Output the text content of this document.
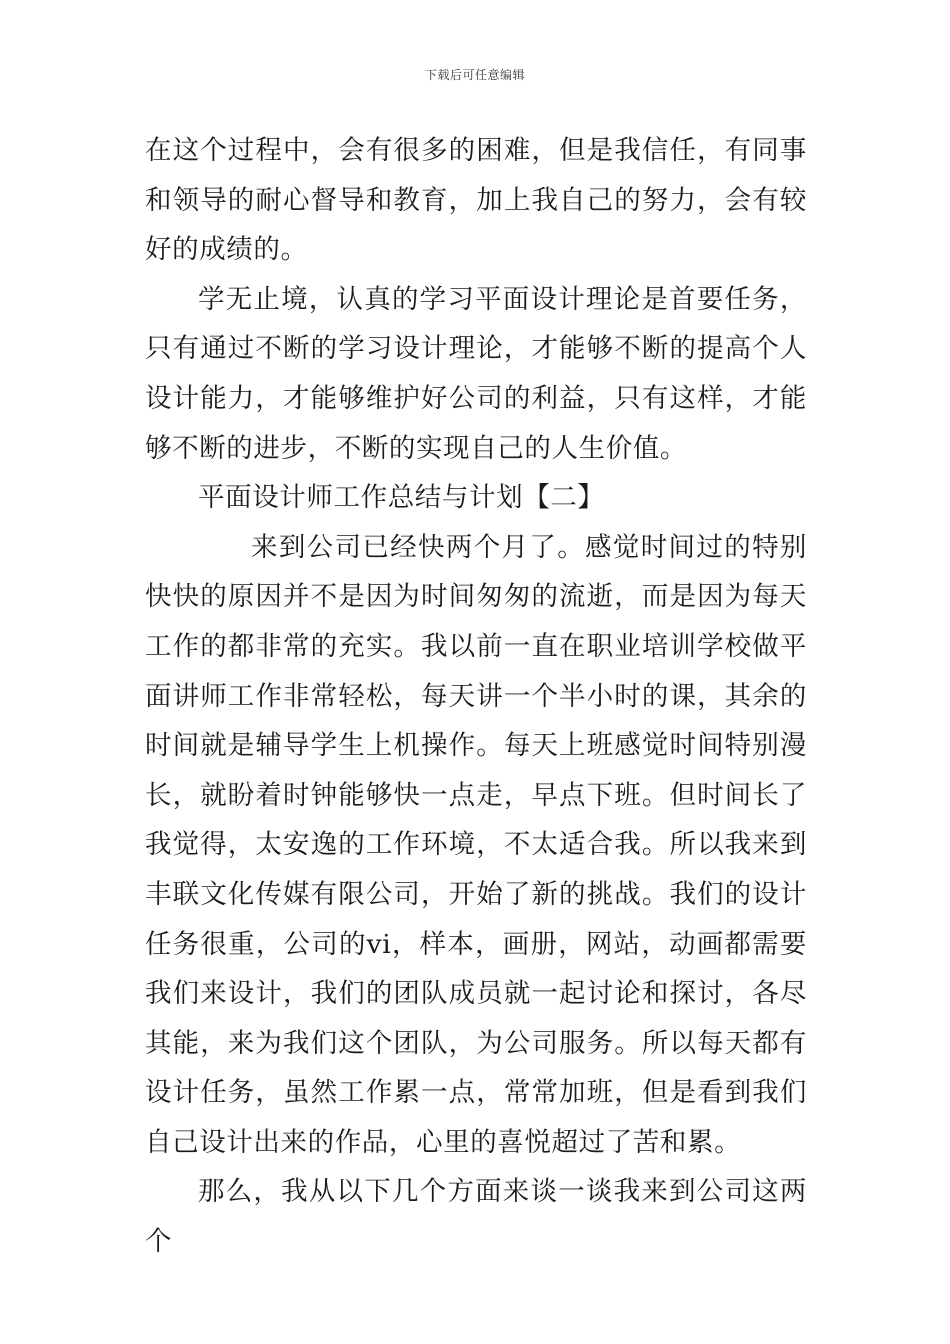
下载后可任意编辑

在这个过程中，会有很多的困难，但是我信任，有同事和领导的耐心督导和教育，加上我自己的努力，会有较好的成绩的。

学无止境，认真的学习平面设计理论是首要任务，只有通过不断的学习设计理论，才能够不断的提高个人设计能力，才能够维护好公司的利益，只有这样，才能够不断的进步，不断的实现自己的人生价值。

平面设计师工作总结与计划【二】

来到公司已经快两个月了。感觉时间过的特别快快的原因并不是因为时间匆匆的流逝，而是因为每天工作的都非常的充实。我以前一直在职业培训学校做平面讲师工作非常轻松，每天讲一个半小时的课，其余的时间就是辅导学生上机操作。每天上班感觉时间特别漫长，就盼着时钟能够快一点走，早点下班。但时间长了我觉得，太安逸的工作环境，不太适合我。所以我来到丰联文化传媒有限公司，开始了新的挑战。我们的设计任务很重，公司的vi，样本，画册，网站，动画都需要我们来设计，我们的团队成员就一起讨论和探讨，各尽其能，来为我们这个团队，为公司服务。所以每天都有设计任务，虽然工作累一点，常常加班，但是看到我们自己设计出来的作品，心里的喜悦超过了苦和累。

那么，我从以下几个方面来谈一谈我来到公司这两个
